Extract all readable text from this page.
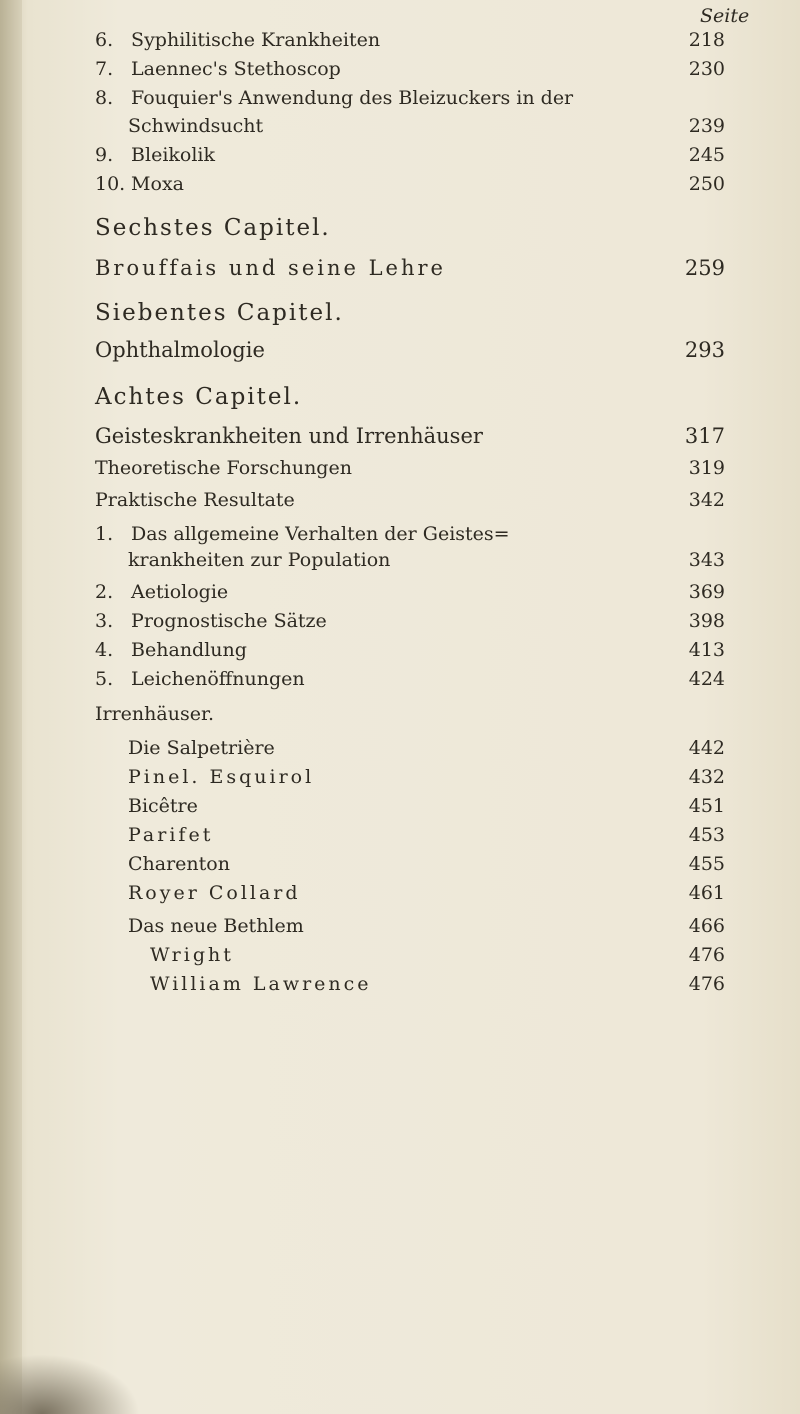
Seite
6. Syphilitische Krankheiten	218
7. Laennec's Stethoscop	230
8. Fouquier's Anwendung des Bleizuckers in der
Schwindsucht	239
9. Bleikolik	245
10. Moxa	250
Sechstes Capitel.
Brouffais und seine Lehre	259
Siebentes Capitel.
Ophthalmologie	293
Achtes Capitel.
Geisteskrankheiten und Irrenhäuser	317
Theoretische Forschungen	319
Praktische Resultate	342
1. Das allgemeine Verhalten der Geistes=
krankheiten zur Population	343
2. Aetiologie	369
3. Prognostische Sätze	398
4. Behandlung	413
5. Leichenöffnungen	424
Irrenhäuser.
Die Salpetrière	442
Pinel. Esquirol	432
Bicêtre	451
Parifet	453
Charenton	455
Royer Collard	461
Das neue Bethlem	466
Wright	476
William Lawrence	476
